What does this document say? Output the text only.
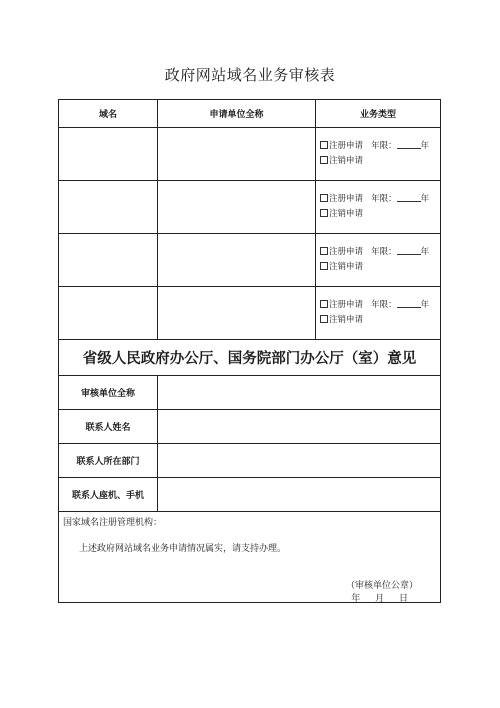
政府网站域名业务审核表
域名	申请单位全称	业务类型

		注册申请 年限： 年
注销申请

		注册申请 年限： 年
注销申请

		注册申请 年限： 年
注销申请

		注册申请 年限： 年
注销申请

省级人民政府办公厅、国务院部门办公厅（室）意见		
审核单位全称		
联系人姓名		
联系人所在部门		
联系人座机、手机		

国家域名注册管理机构：
上述政府网站域名业务申请情况属实，请支持办理。
（审核单位公章）
年 月 日		
